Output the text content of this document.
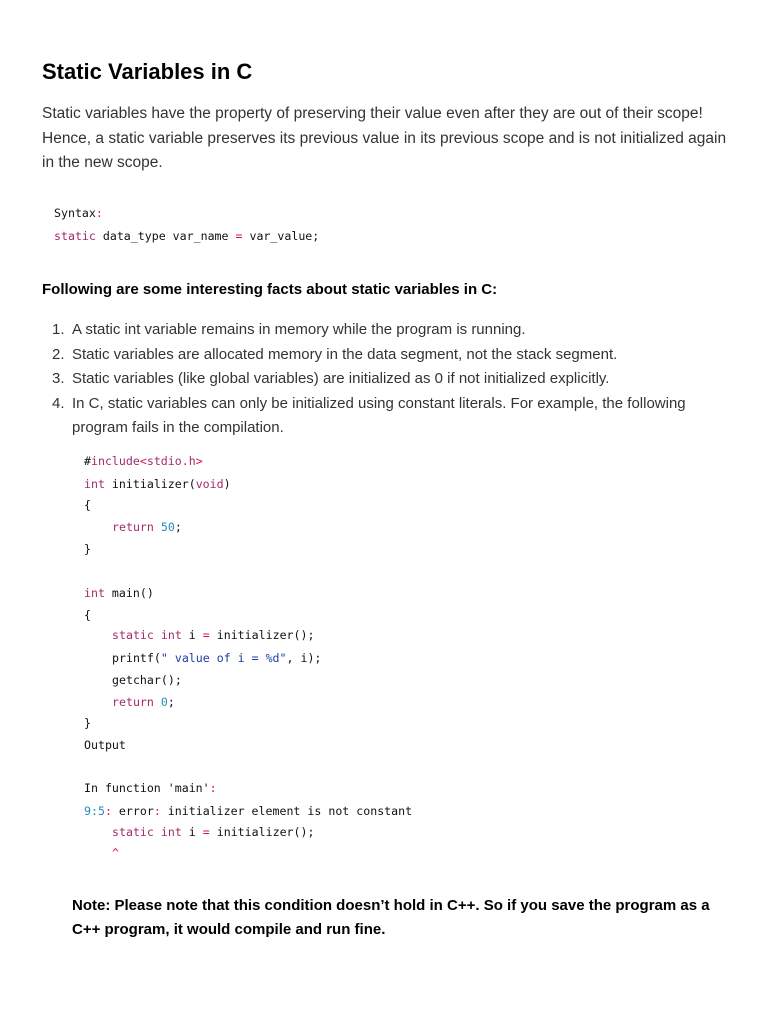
Static Variables in C

Static variables have the property of preserving their value even after they are out of their scope! Hence, a static variable preserves its previous value in its previous scope and is not initialized again in the new scope.

Syntax:

static data_type var_name = var_value;

Following are some interesting facts about static variables in C:
1. A static int variable remains in memory while the program is running.
2. Static variables are allocated memory in the data segment, not the stack segment.
3. Static variables (like global variables) are initialized as 0 if not initialized explicitly.
4. In C, static variables can only be initialized using constant literals. For example, the following program fails in the compilation.

#include<stdio.h>

int initializer(void)

{

return 50;

}

int main()

{

static int i = initializer();

printf(" value of i = %d", i);

getchar();

return 0;

}

Output

In function 'main':

9:5: error: initializer element is not constant

static int i = initializer();

^

Note: Please note that this condition doesn’t hold in C++. So if you save the program as a C++ program, it would compile and run fine.
